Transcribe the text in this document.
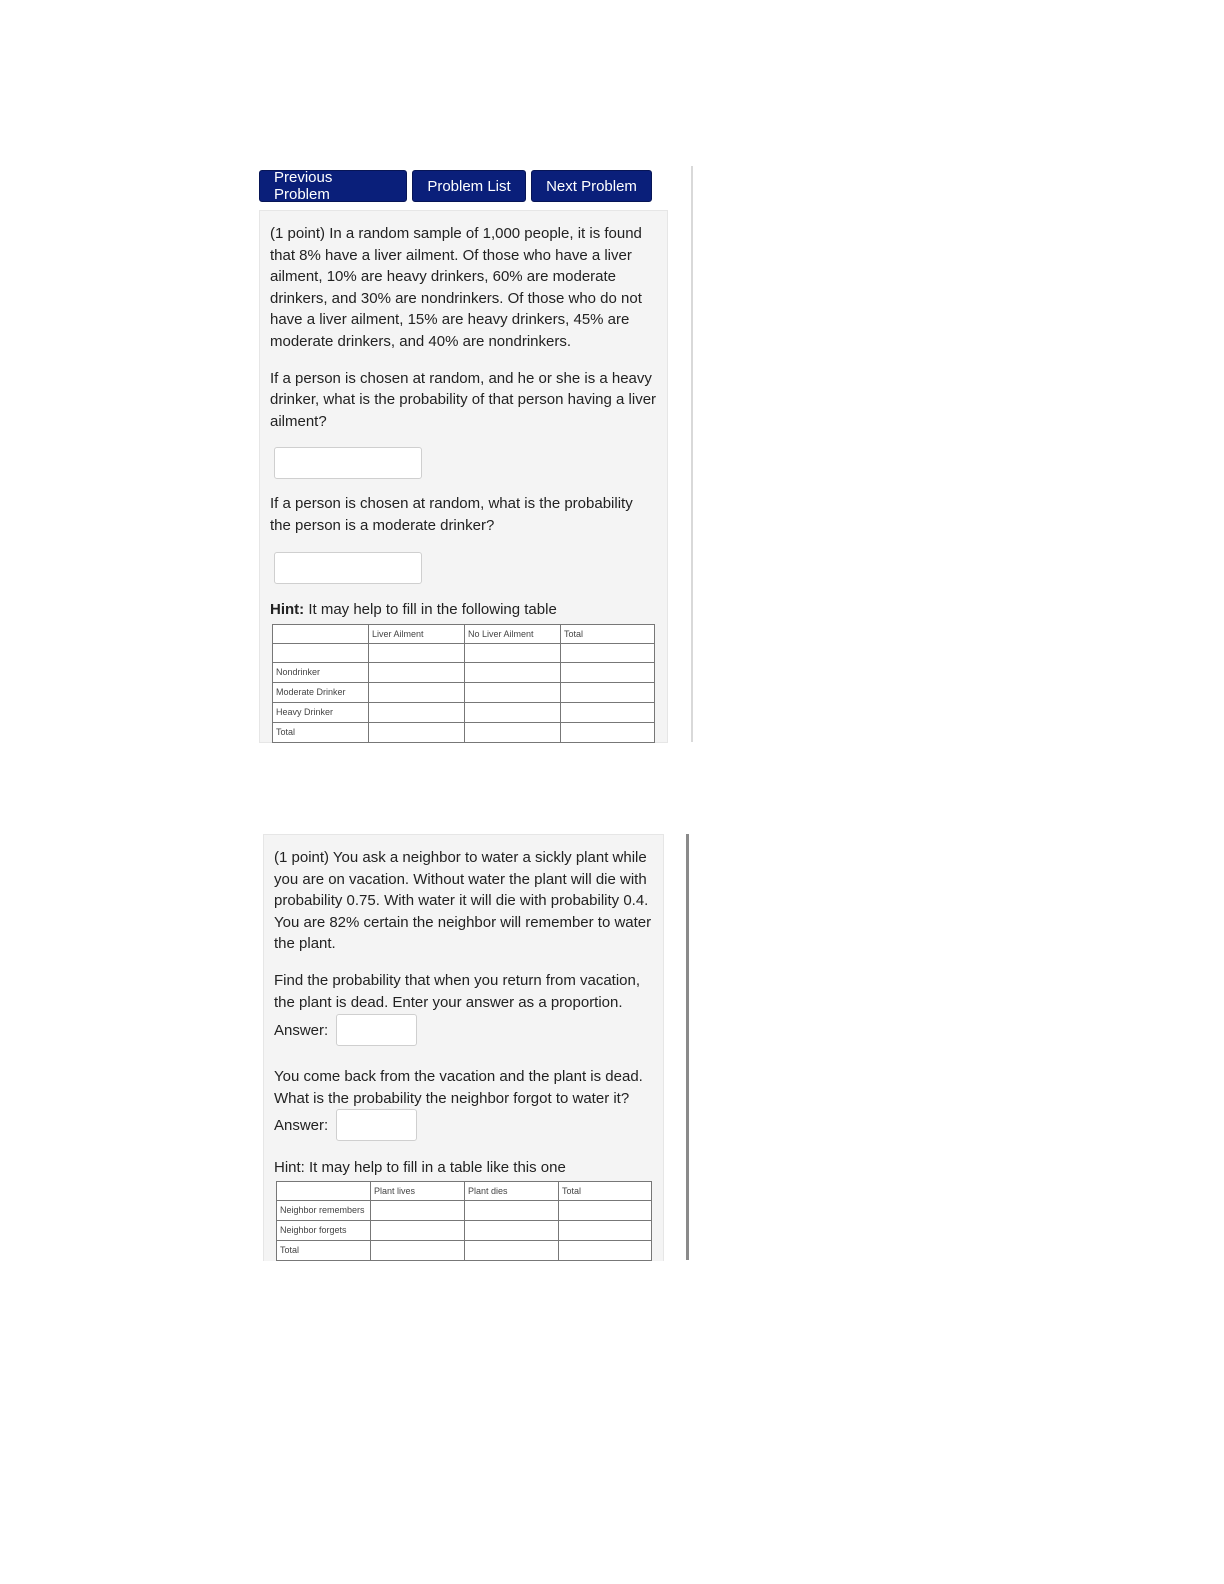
Previous Problem	Problem List	Next Problem

(1 point) In a random sample of 1,000 people, it is found that 8% have a liver ailment. Of those who have a liver ailment, 10% are heavy drinkers, 60% are moderate drinkers, and 30% are nondrinkers. Of those who do not have a liver ailment, 15% are heavy drinkers, 45% are moderate drinkers, and 40% are nondrinkers.

If a person is chosen at random, and he or she is a heavy drinker, what is the probability of that person having a liver ailment?

If a person is chosen at random, what is the probability the person is a moderate drinker?

Hint: It may help to fill in the following table

	Liver Ailment	No Liver Ailment	Total

Nondrinker			
Moderate Drinker			
Heavy Drinker			
Total			

(1 point) You ask a neighbor to water a sickly plant while you are on vacation. Without water the plant will die with probability 0.75. With water it will die with probability 0.4. You are 82% certain the neighbor will remember to water the plant.

Find the probability that when you return from vacation, the plant is dead. Enter your answer as a proportion.

Answer:

You come back from the vacation and the plant is dead. What is the probability the neighbor forgot to water it?

Answer:

Hint: It may help to fill in a table like this one

	Plant lives	Plant dies	Total
Neighbor remembers			
Neighbor forgets			
Total			
